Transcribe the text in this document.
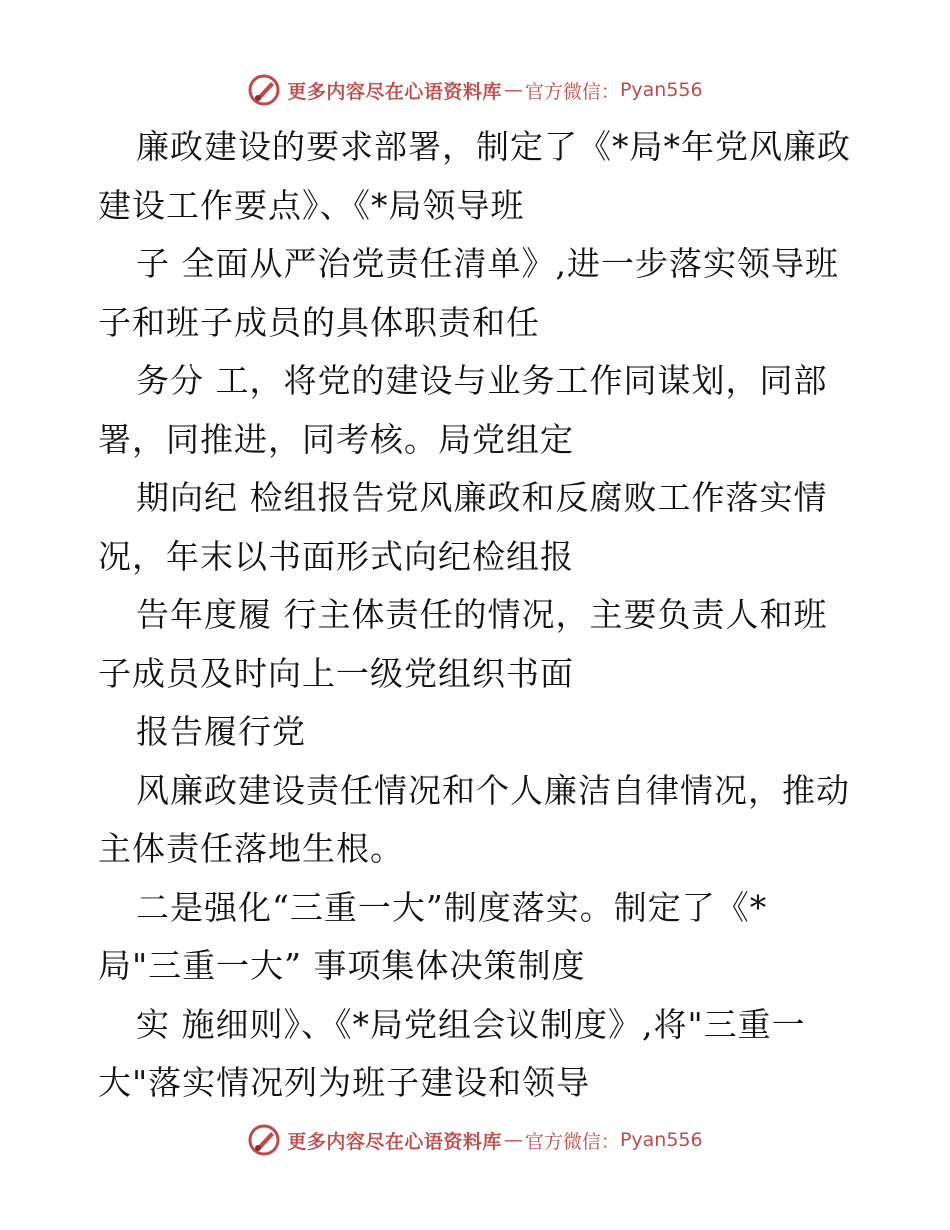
更多内容尽在心语资料库 — 官方微信： Pyan556
廉政建设的要求部署，制定了《*局*年党风廉政
建设工作要点》、《*局领导班
子 全面从严治党责任清单》,进一步落实领导班
子和班子成员的具体职责和任
务分 工，将党的建设与业务工作同谋划，同部
署，同推进，同考核。局党组定
期向纪 检组报告党风廉政和反腐败工作落实情
况，年末以书面形式向纪检组报
告年度履 行主体责任的情况，主要负责人和班
子成员及时向上一级党组织书面
报告履行党
风廉政建设责任情况和个人廉洁自律情况，推动
主体责任落地生根。
二是强化“三重一大”制度落实。制定了《*
局"三重一大” 事项集体决策制度
实 施细则》、《*局党组会议制度》,将"三重一
大"落实情况列为班子建设和领导
更多内容尽在心语资料库 — 官方微信： Pyan556
